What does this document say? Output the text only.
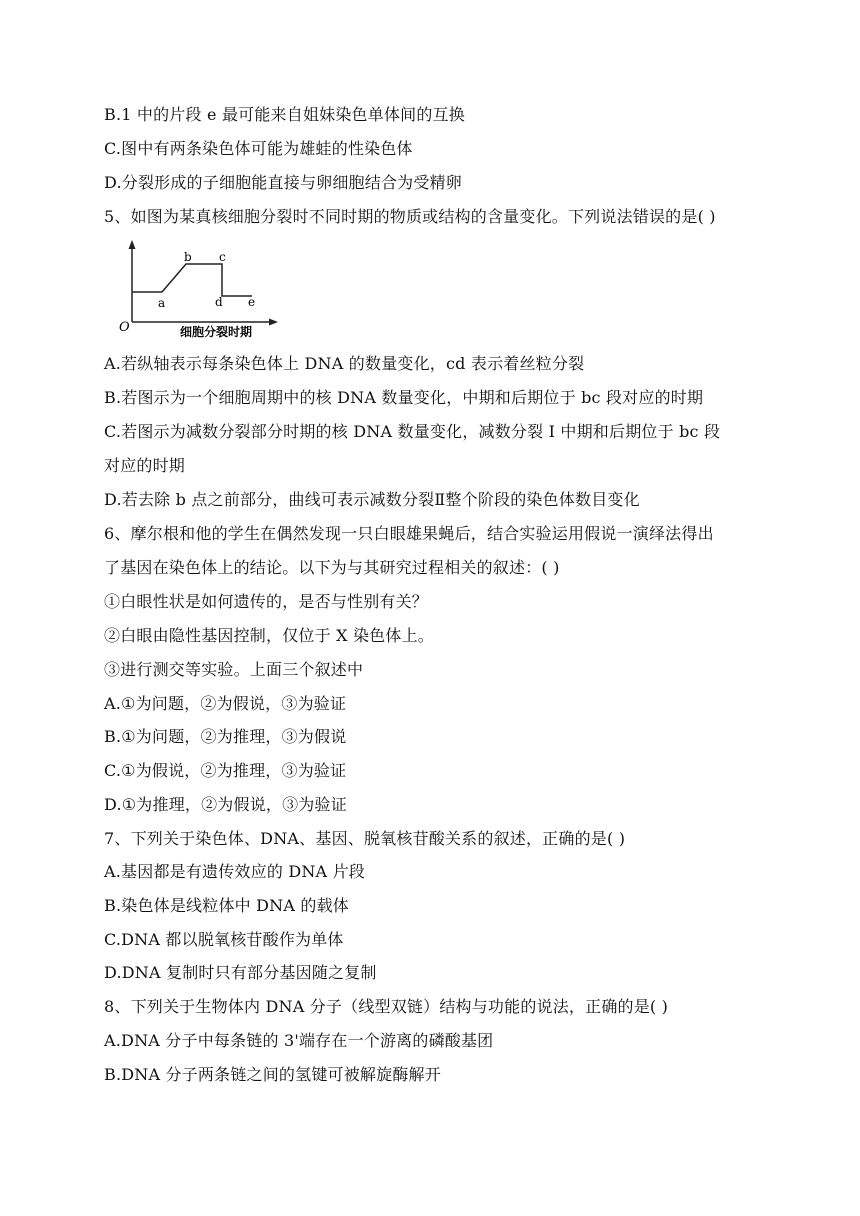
B.1 中的片段 e 最可能来自姐妹染色单体间的互换
C.图中有两条染色体可能为雄蛙的性染色体
D.分裂形成的子细胞能直接与卵细胞结合为受精卵
5、如图为某真核细胞分裂时不同时期的物质或结构的含量变化。下列说法错误的是( )
O
a
b c
d e
细胞分裂时期
A.若纵轴表示每条染色体上 DNA 的数量变化，cd 表示着丝粒分裂
B.若图示为一个细胞周期中的核 DNA 数量变化，中期和后期位于 bc 段对应的时期
C.若图示为减数分裂部分时期的核 DNA 数量变化，减数分裂 I 中期和后期位于 bc 段
对应的时期
D.若去除 b 点之前部分，曲线可表示减数分裂Ⅱ整个阶段的染色体数目变化
6、摩尔根和他的学生在偶然发现一只白眼雄果蝇后，结合实验运用假说一演绎法得出
了基因在染色体上的结论。以下为与其研究过程相关的叙述：( )
①白眼性状是如何遗传的，是否与性别有关？
②白眼由隐性基因控制，仅位于 X 染色体上。
③进行测交等实验。上面三个叙述中
A.①为问题，②为假说，③为验证
B.①为问题，②为推理，③为假说
C.①为假说，②为推理，③为验证
D.①为推理，②为假说，③为验证
7、下列关于染色体、DNA、基因、脱氧核苷酸关系的叙述，正确的是( )
A.基因都是有遗传效应的 DNA 片段
B.染色体是线粒体中 DNA 的载体
C.DNA 都以脱氧核苷酸作为单体
D.DNA 复制时只有部分基因随之复制
8、下列关于生物体内 DNA 分子（线型双链）结构与功能的说法，正确的是( )
A.DNA 分子中每条链的 3'端存在一个游离的磷酸基团
B.DNA 分子两条链之间的氢键可被解旋酶解开
